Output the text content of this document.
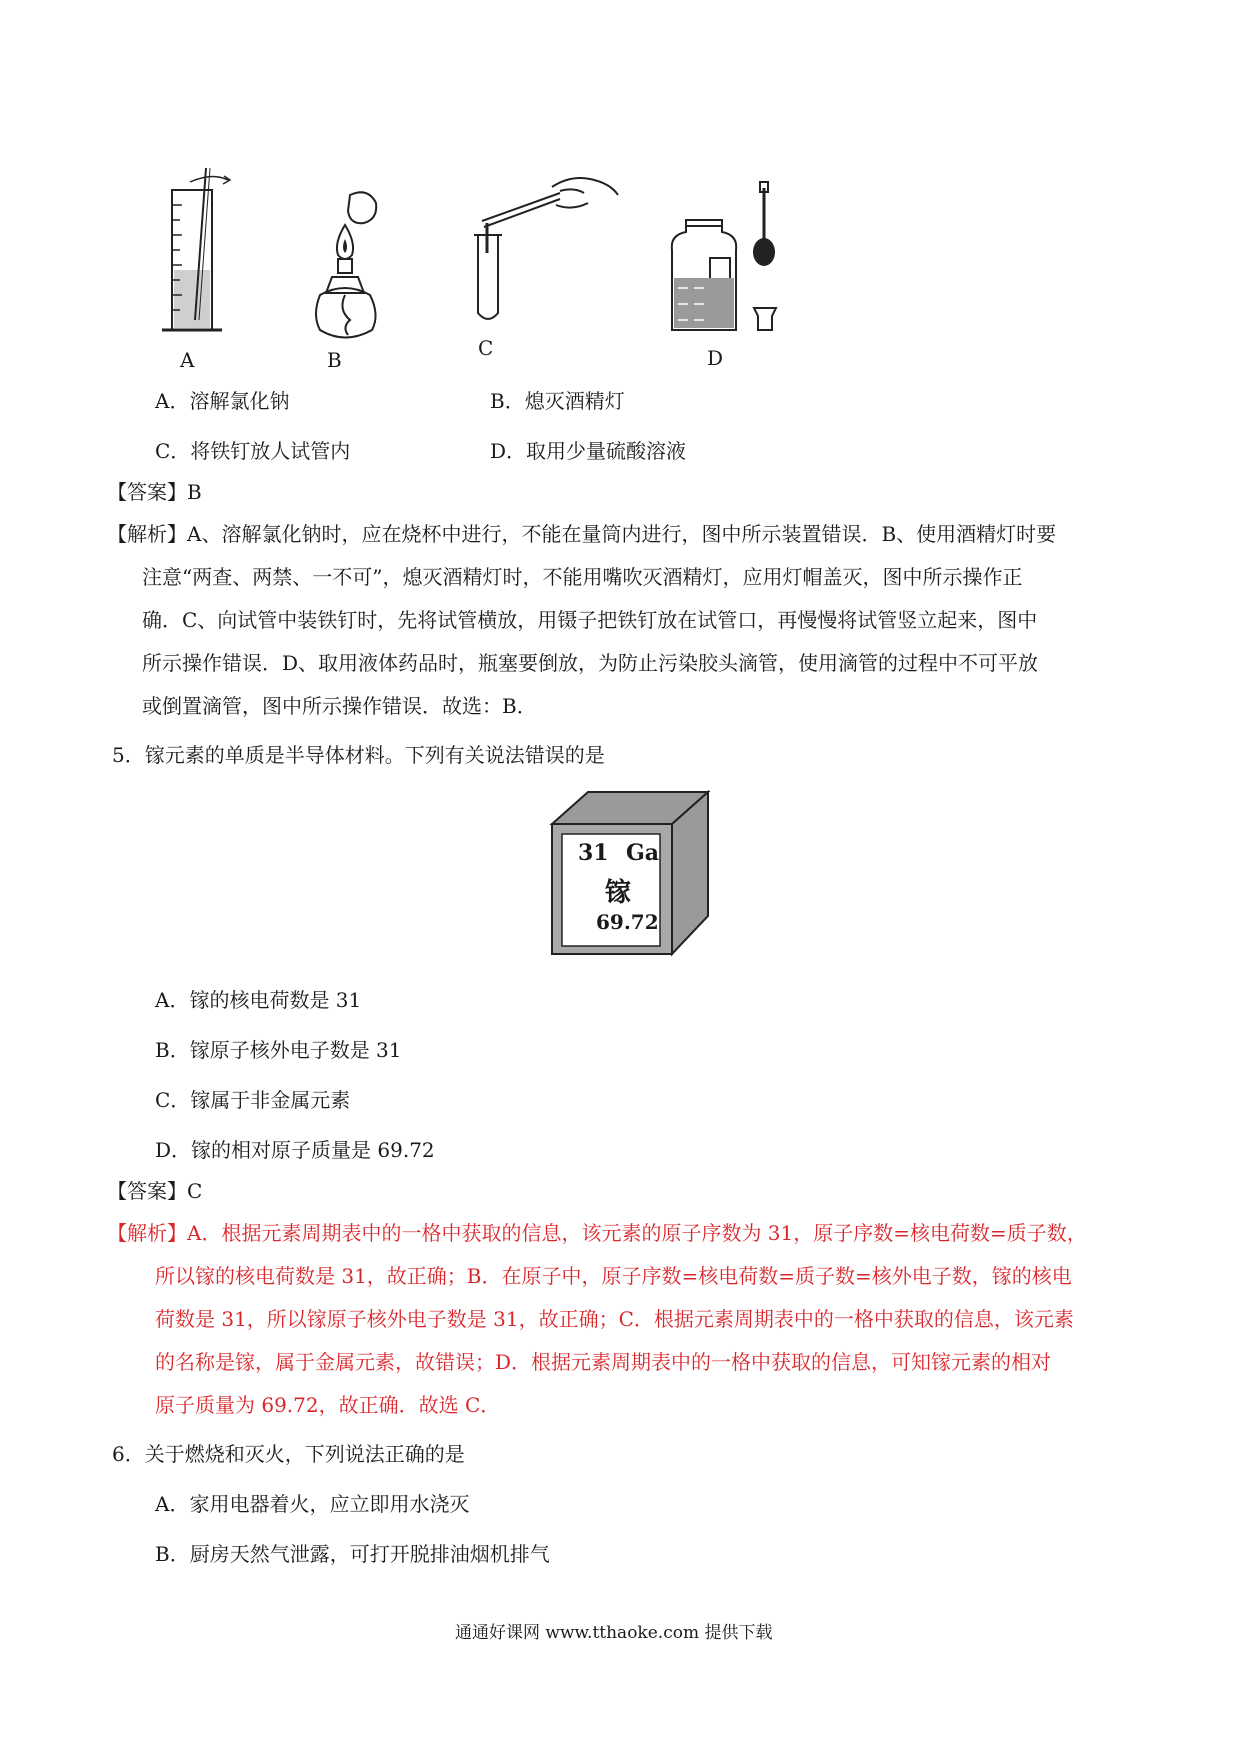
A	B	C	D
A．溶解氯化钠	B．熄灭酒精灯
C．将铁钉放人试管内	D．取用少量硫酸溶液
【答案】B
【解析】A、溶解氯化钠时，应在烧杯中进行，不能在量筒内进行，图中所示装置错误．B、使用酒精灯时要
注意“两查、两禁、一不可”，熄灭酒精灯时，不能用嘴吹灭酒精灯，应用灯帽盖灭，图中所示操作正
确．C、向试管中装铁钉时，先将试管横放，用镊子把铁钉放在试管口，再慢慢将试管竖立起来，图中
所示操作错误．D、取用液体药品时，瓶塞要倒放，为防止污染胶头滴管，使用滴管的过程中不可平放
或倒置滴管，图中所示操作错误．故选：B．
5．镓元素的单质是半导体材料。下列有关说法错误的是
31 Ga
镓
69.72
A．镓的核电荷数是 31
B．镓原子核外电子数是 31
C．镓属于非金属元素
D．镓的相对原子质量是 69.72
【答案】C
【解析】A．根据元素周期表中的一格中获取的信息，该元素的原子序数为 31，原子序数=核电荷数=质子数，
所以镓的核电荷数是 31，故正确；B．在原子中，原子序数=核电荷数=质子数=核外电子数，镓的核电
荷数是 31，所以镓原子核外电子数是 31，故正确；C．根据元素周期表中的一格中获取的信息，该元素
的名称是镓，属于金属元素，故错误；D．根据元素周期表中的一格中获取的信息，可知镓元素的相对
原子质量为 69.72，故正确．故选 C．
6．关于燃烧和灭火，下列说法正确的是
A．家用电器着火，应立即用水浇灭
B．厨房天然气泄露，可打开脱排油烟机排气
通通好课网 www.tthaoke.com 提供下载
